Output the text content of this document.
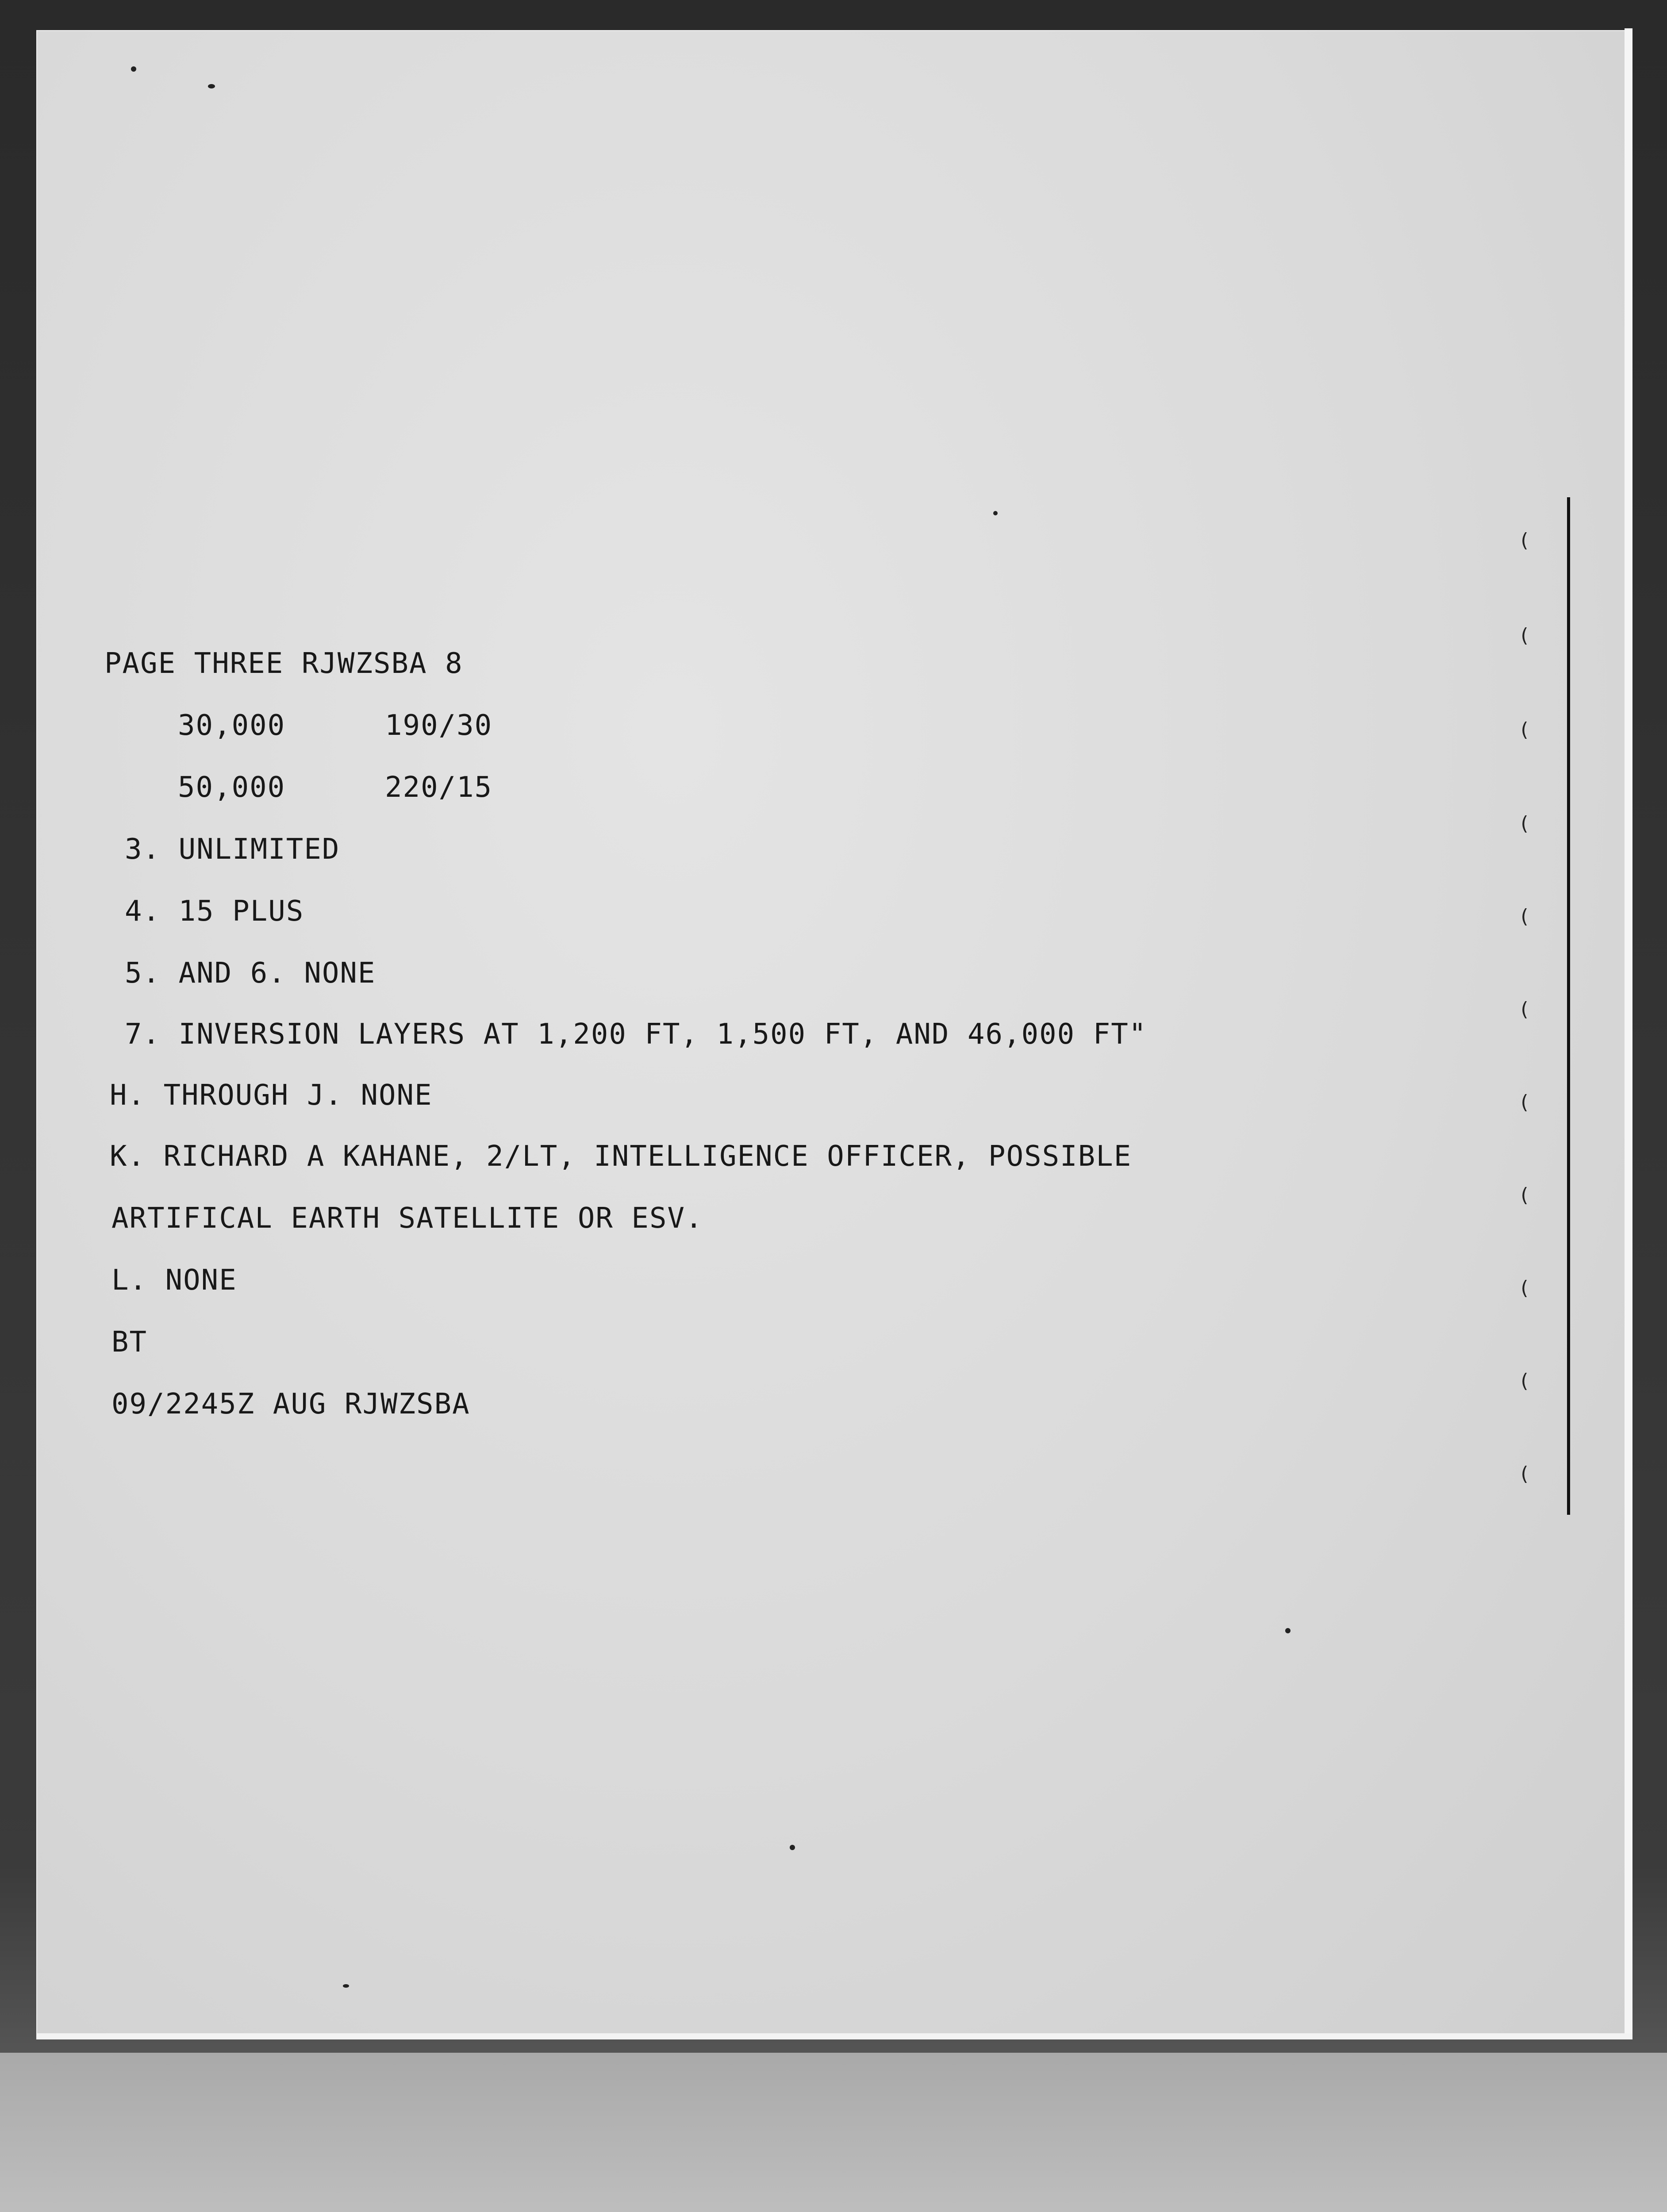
(
(
(
(
(
(
(
(
(
(
(
PAGE THREE RJWZSBA 8
30,000	190/30
50,000	220/15
3. UNLIMITED
4. 15 PLUS
5. AND 6. NONE
7. INVERSION LAYERS AT 1,200 FT, 1,500 FT, AND 46,000 FT"
H. THROUGH J. NONE
K. RICHARD A KAHANE, 2/LT, INTELLIGENCE OFFICER, POSSIBLE
ARTIFICAL EARTH SATELLITE OR ESV.
L. NONE
BT
09/2245Z AUG RJWZSBA
